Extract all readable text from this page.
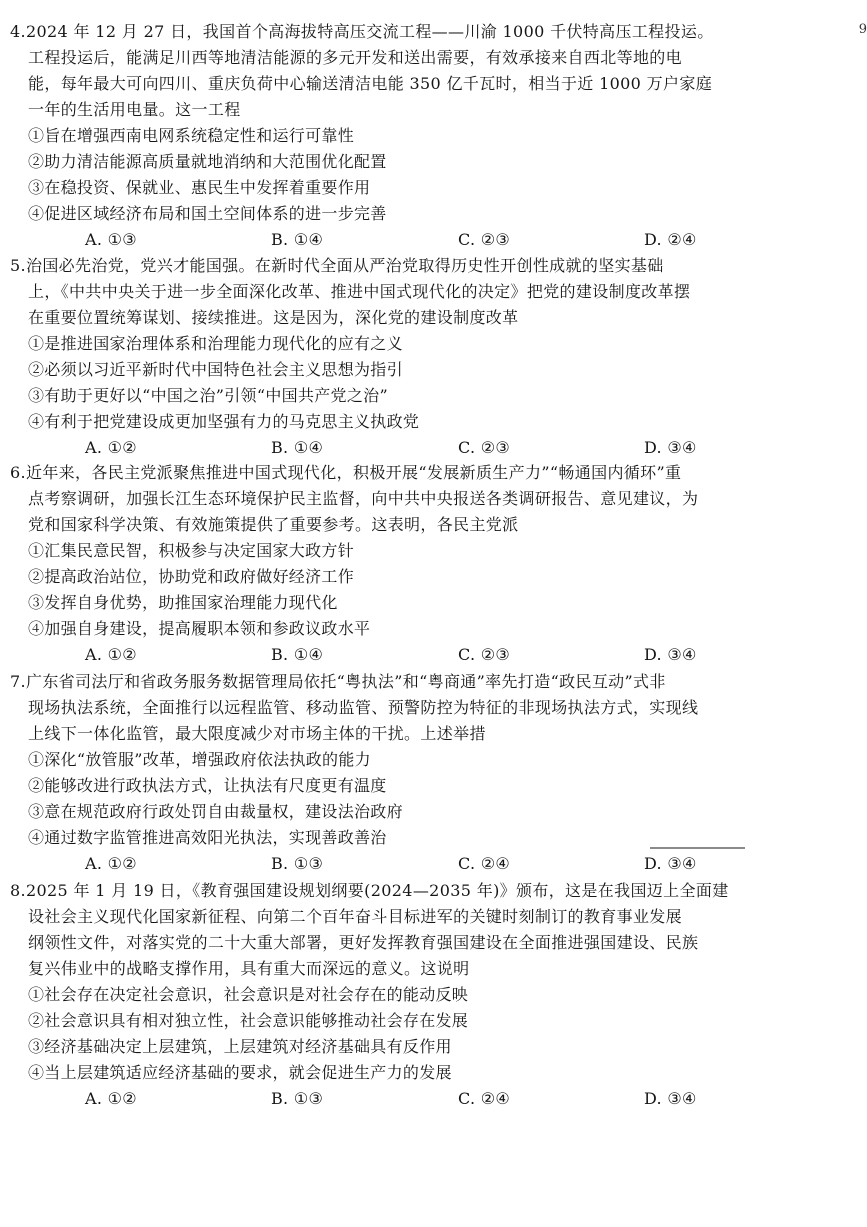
9
4.2024 年 12 月 27 日，我国首个高海拔特高压交流工程——川渝 1000 千伏特高压工程投运。
工程投运后，能满足川西等地清洁能源的多元开发和送出需要，有效承接来自西北等地的电
能，每年最大可向四川、重庆负荷中心输送清洁电能 350 亿千瓦时，相当于近 1000 万户家庭
一年的生活用电量。这一工程
①旨在增强西南电网系统稳定性和运行可靠性
②助力清洁能源高质量就地消纳和大范围优化配置
③在稳投资、保就业、惠民生中发挥着重要作用
④促进区域经济布局和国土空间体系的进一步完善
A. ①③	B. ①④	C. ②③	D. ②④
5.治国必先治党，党兴才能国强。在新时代全面从严治党取得历史性开创性成就的坚实基础
上，《中共中央关于进一步全面深化改革、推进中国式现代化的决定》把党的建设制度改革摆
在重要位置统筹谋划、接续推进。这是因为，深化党的建设制度改革
①是推进国家治理体系和治理能力现代化的应有之义
②必须以习近平新时代中国特色社会主义思想为指引
③有助于更好以“中国之治”引领“中国共产党之治”
④有利于把党建设成更加坚强有力的马克思主义执政党
A. ①②	B. ①④	C. ②③	D. ③④
6.近年来，各民主党派聚焦推进中国式现代化，积极开展“发展新质生产力”“畅通国内循环”重
点考察调研，加强长江生态环境保护民主监督，向中共中央报送各类调研报告、意见建议，为
党和国家科学决策、有效施策提供了重要参考。这表明，各民主党派
①汇集民意民智，积极参与决定国家大政方针
②提高政治站位，协助党和政府做好经济工作
③发挥自身优势，助推国家治理能力现代化
④加强自身建设，提高履职本领和参政议政水平
A. ①②	B. ①④	C. ②③	D. ③④
7.广东省司法厅和省政务服务数据管理局依托“粤执法”和“粤商通”率先打造“政民互动”式非
现场执法系统，全面推行以远程监管、移动监管、预警防控为特征的非现场执法方式，实现线
上线下一体化监管，最大限度减少对市场主体的干扰。上述举措
①深化“放管服”改革，增强政府依法执政的能力
②能够改进行政执法方式，让执法有尺度更有温度
③意在规范政府行政处罚自由裁量权，建设法治政府
④通过数字监管推进高效阳光执法，实现善政善治
A. ①②	B. ①③	C. ②④	D. ③④
8.2025 年 1 月 19 日，《教育强国建设规划纲要(2024—2035 年)》颁布，这是在我国迈上全面建
设社会主义现代化国家新征程、向第二个百年奋斗目标进军的关键时刻制订的教育事业发展
纲领性文件，对落实党的二十大重大部署，更好发挥教育强国建设在全面推进强国建设、民族
复兴伟业中的战略支撑作用，具有重大而深远的意义。这说明
①社会存在决定社会意识，社会意识是对社会存在的能动反映
②社会意识具有相对独立性，社会意识能够推动社会存在发展
③经济基础决定上层建筑，上层建筑对经济基础具有反作用
④当上层建筑适应经济基础的要求，就会促进生产力的发展
A. ①②	B. ①③	C. ②④	D. ③④
